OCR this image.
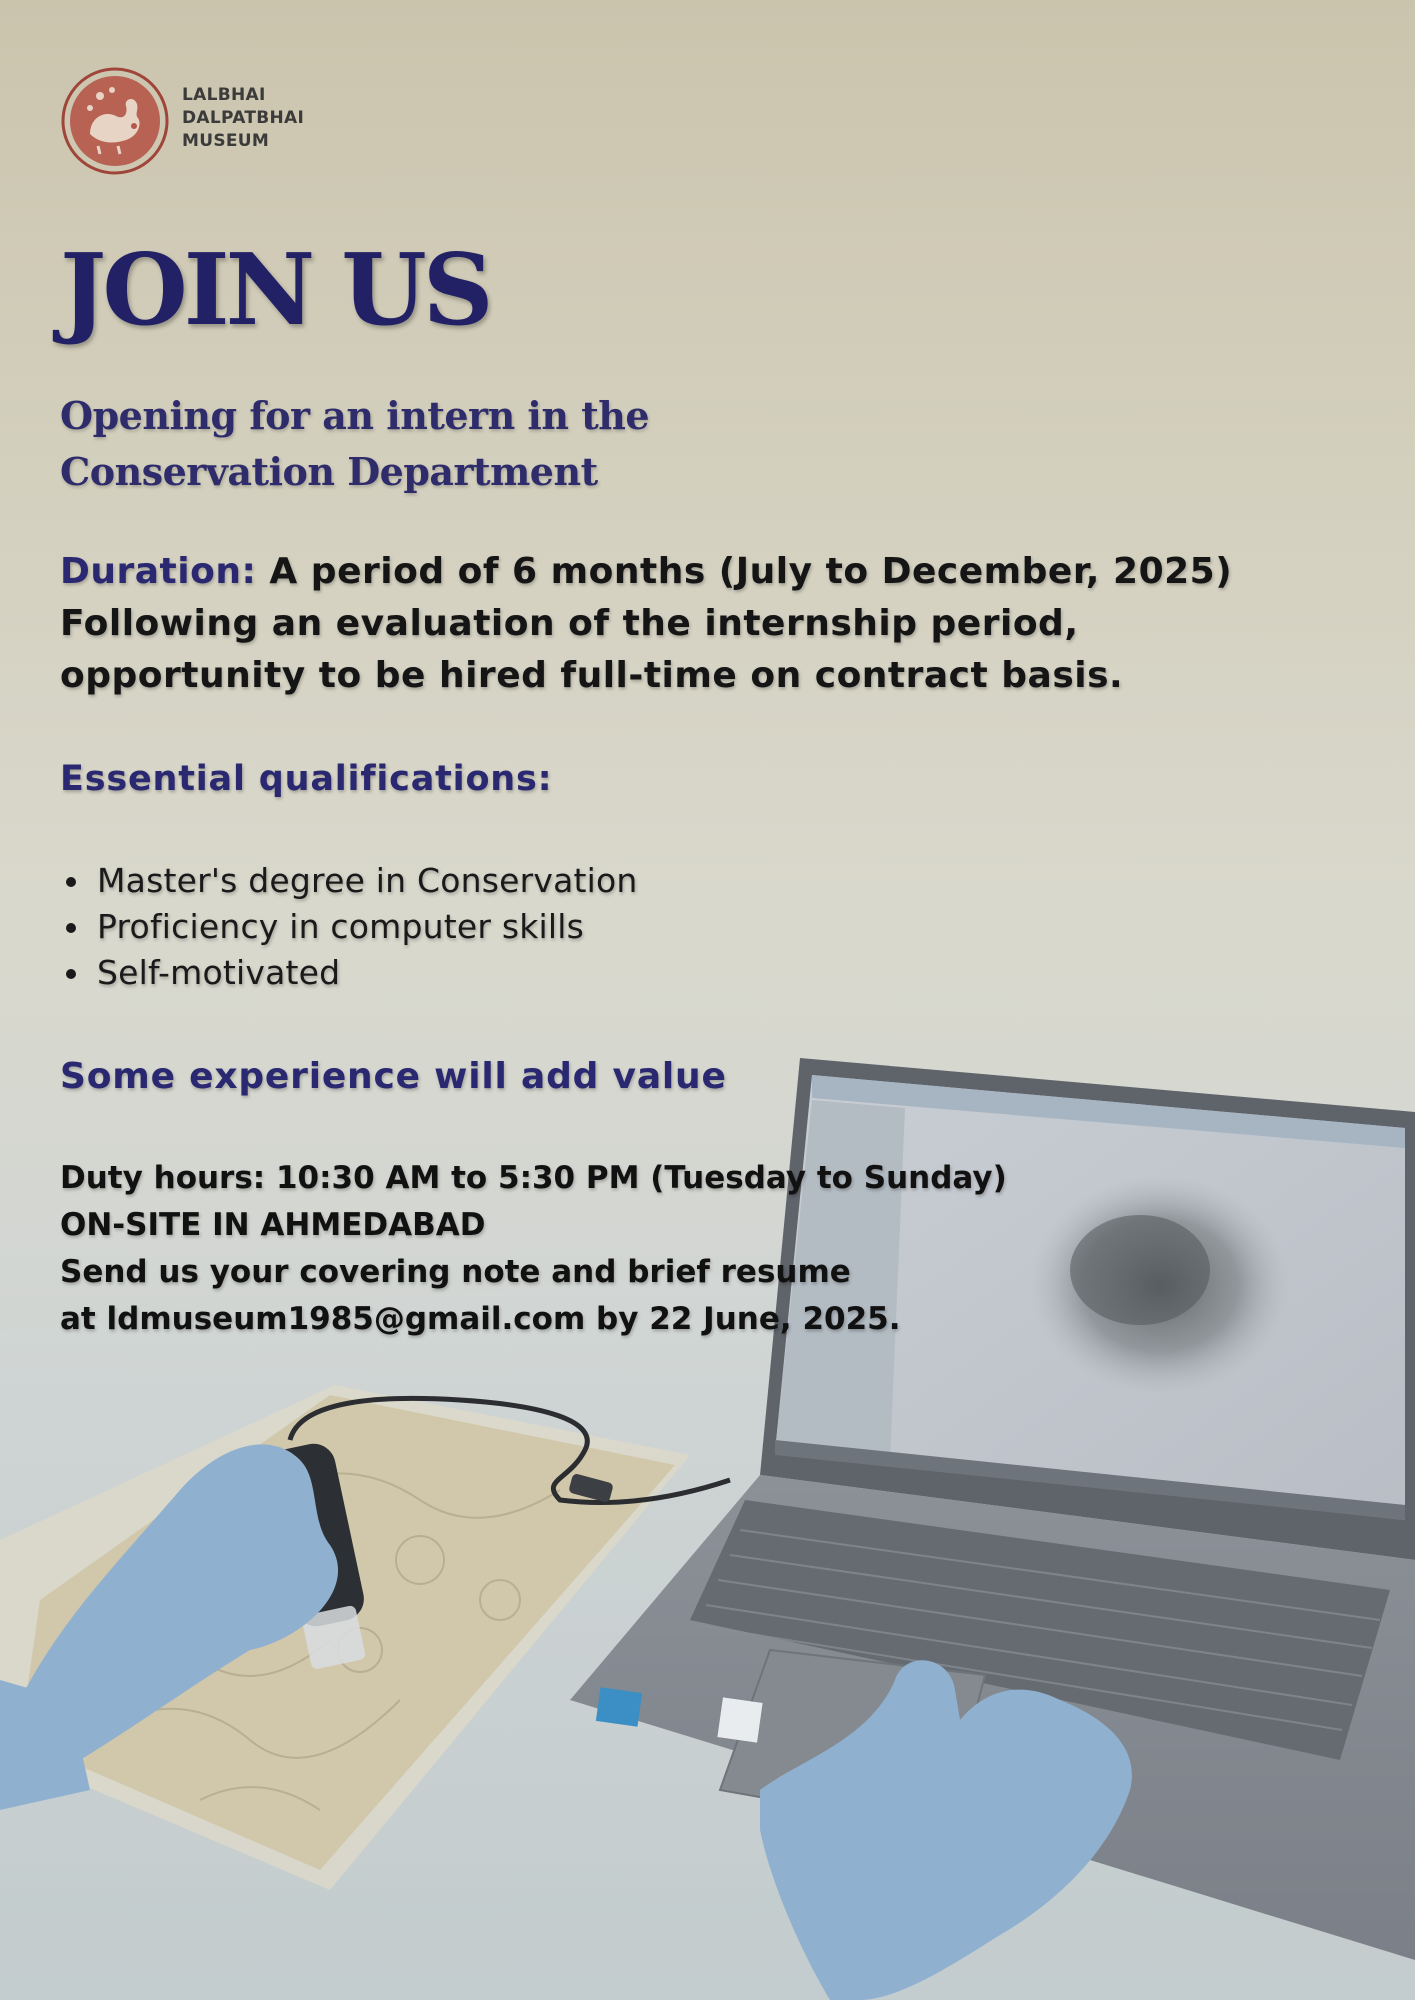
LALBHAI
DALPATBHAI
MUSEUM
JOIN US
Opening for an intern in the
Conservation Department
Duration: A period of 6 months (July to December, 2025)
Following an evaluation of the internship period,
opportunity to be hired full-time on contract basis.
Essential qualifications:
Master's degree in Conservation
Proficiency in computer skills
Self-motivated
Some experience will add value
Duty hours: 10:30 AM to 5:30 PM (Tuesday to Sunday)
ON-SITE IN AHMEDABAD
Send us your covering note and brief resume
at ldmuseum1985@gmail.com by 22 June, 2025.
